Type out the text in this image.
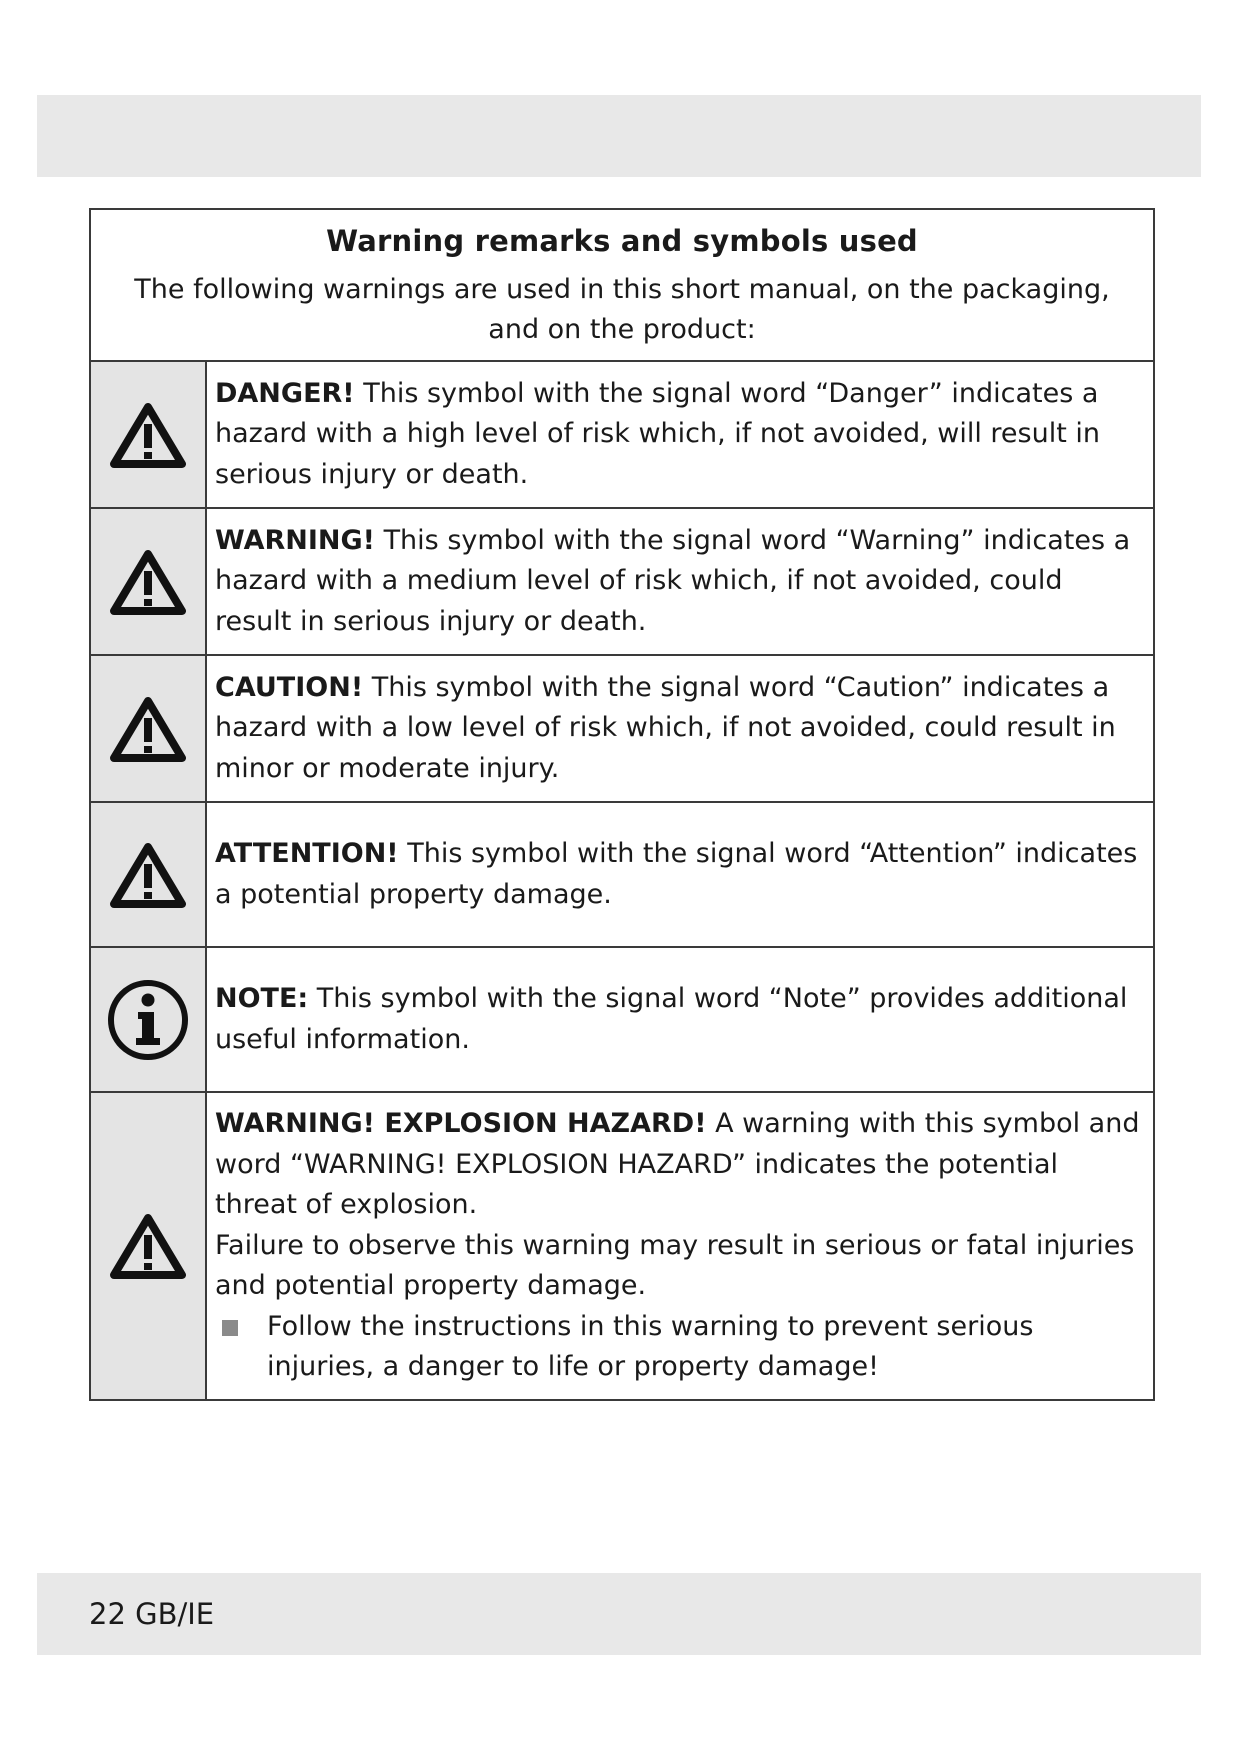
Warning remarks and symbols used
The following warnings are used in this short manual, on the packaging, and on the product:	

	DANGER! This symbol with the signal word “Danger” indicates a hazard with a high level of risk which, if not avoided, will result in serious injury or death.

	WARNING! This symbol with the signal word “Warning” indicates a hazard with a medium level of risk which, if not avoided, could result in serious injury or death.

	CAUTION! This symbol with the signal word “Caution” indicates a hazard with a low level of risk which, if not avoided, could result in minor or moderate injury.

	ATTENTION! This symbol with the signal word “Attention” indicates a potential property damage.

	NOTE: This symbol with the signal word “Note” provides additional useful information.

WARNING! EXPLOSION HAZARD! A warning with this symbol and word “WARNING! EXPLOSION HAZARD” indicates the potential threat of explosion.
Failure to observe this warning may result in serious or fatal injuries and potential property damage.
Follow the instructions in this warning to prevent serious injuries, a danger to life or property damage!
22 GB/IE
